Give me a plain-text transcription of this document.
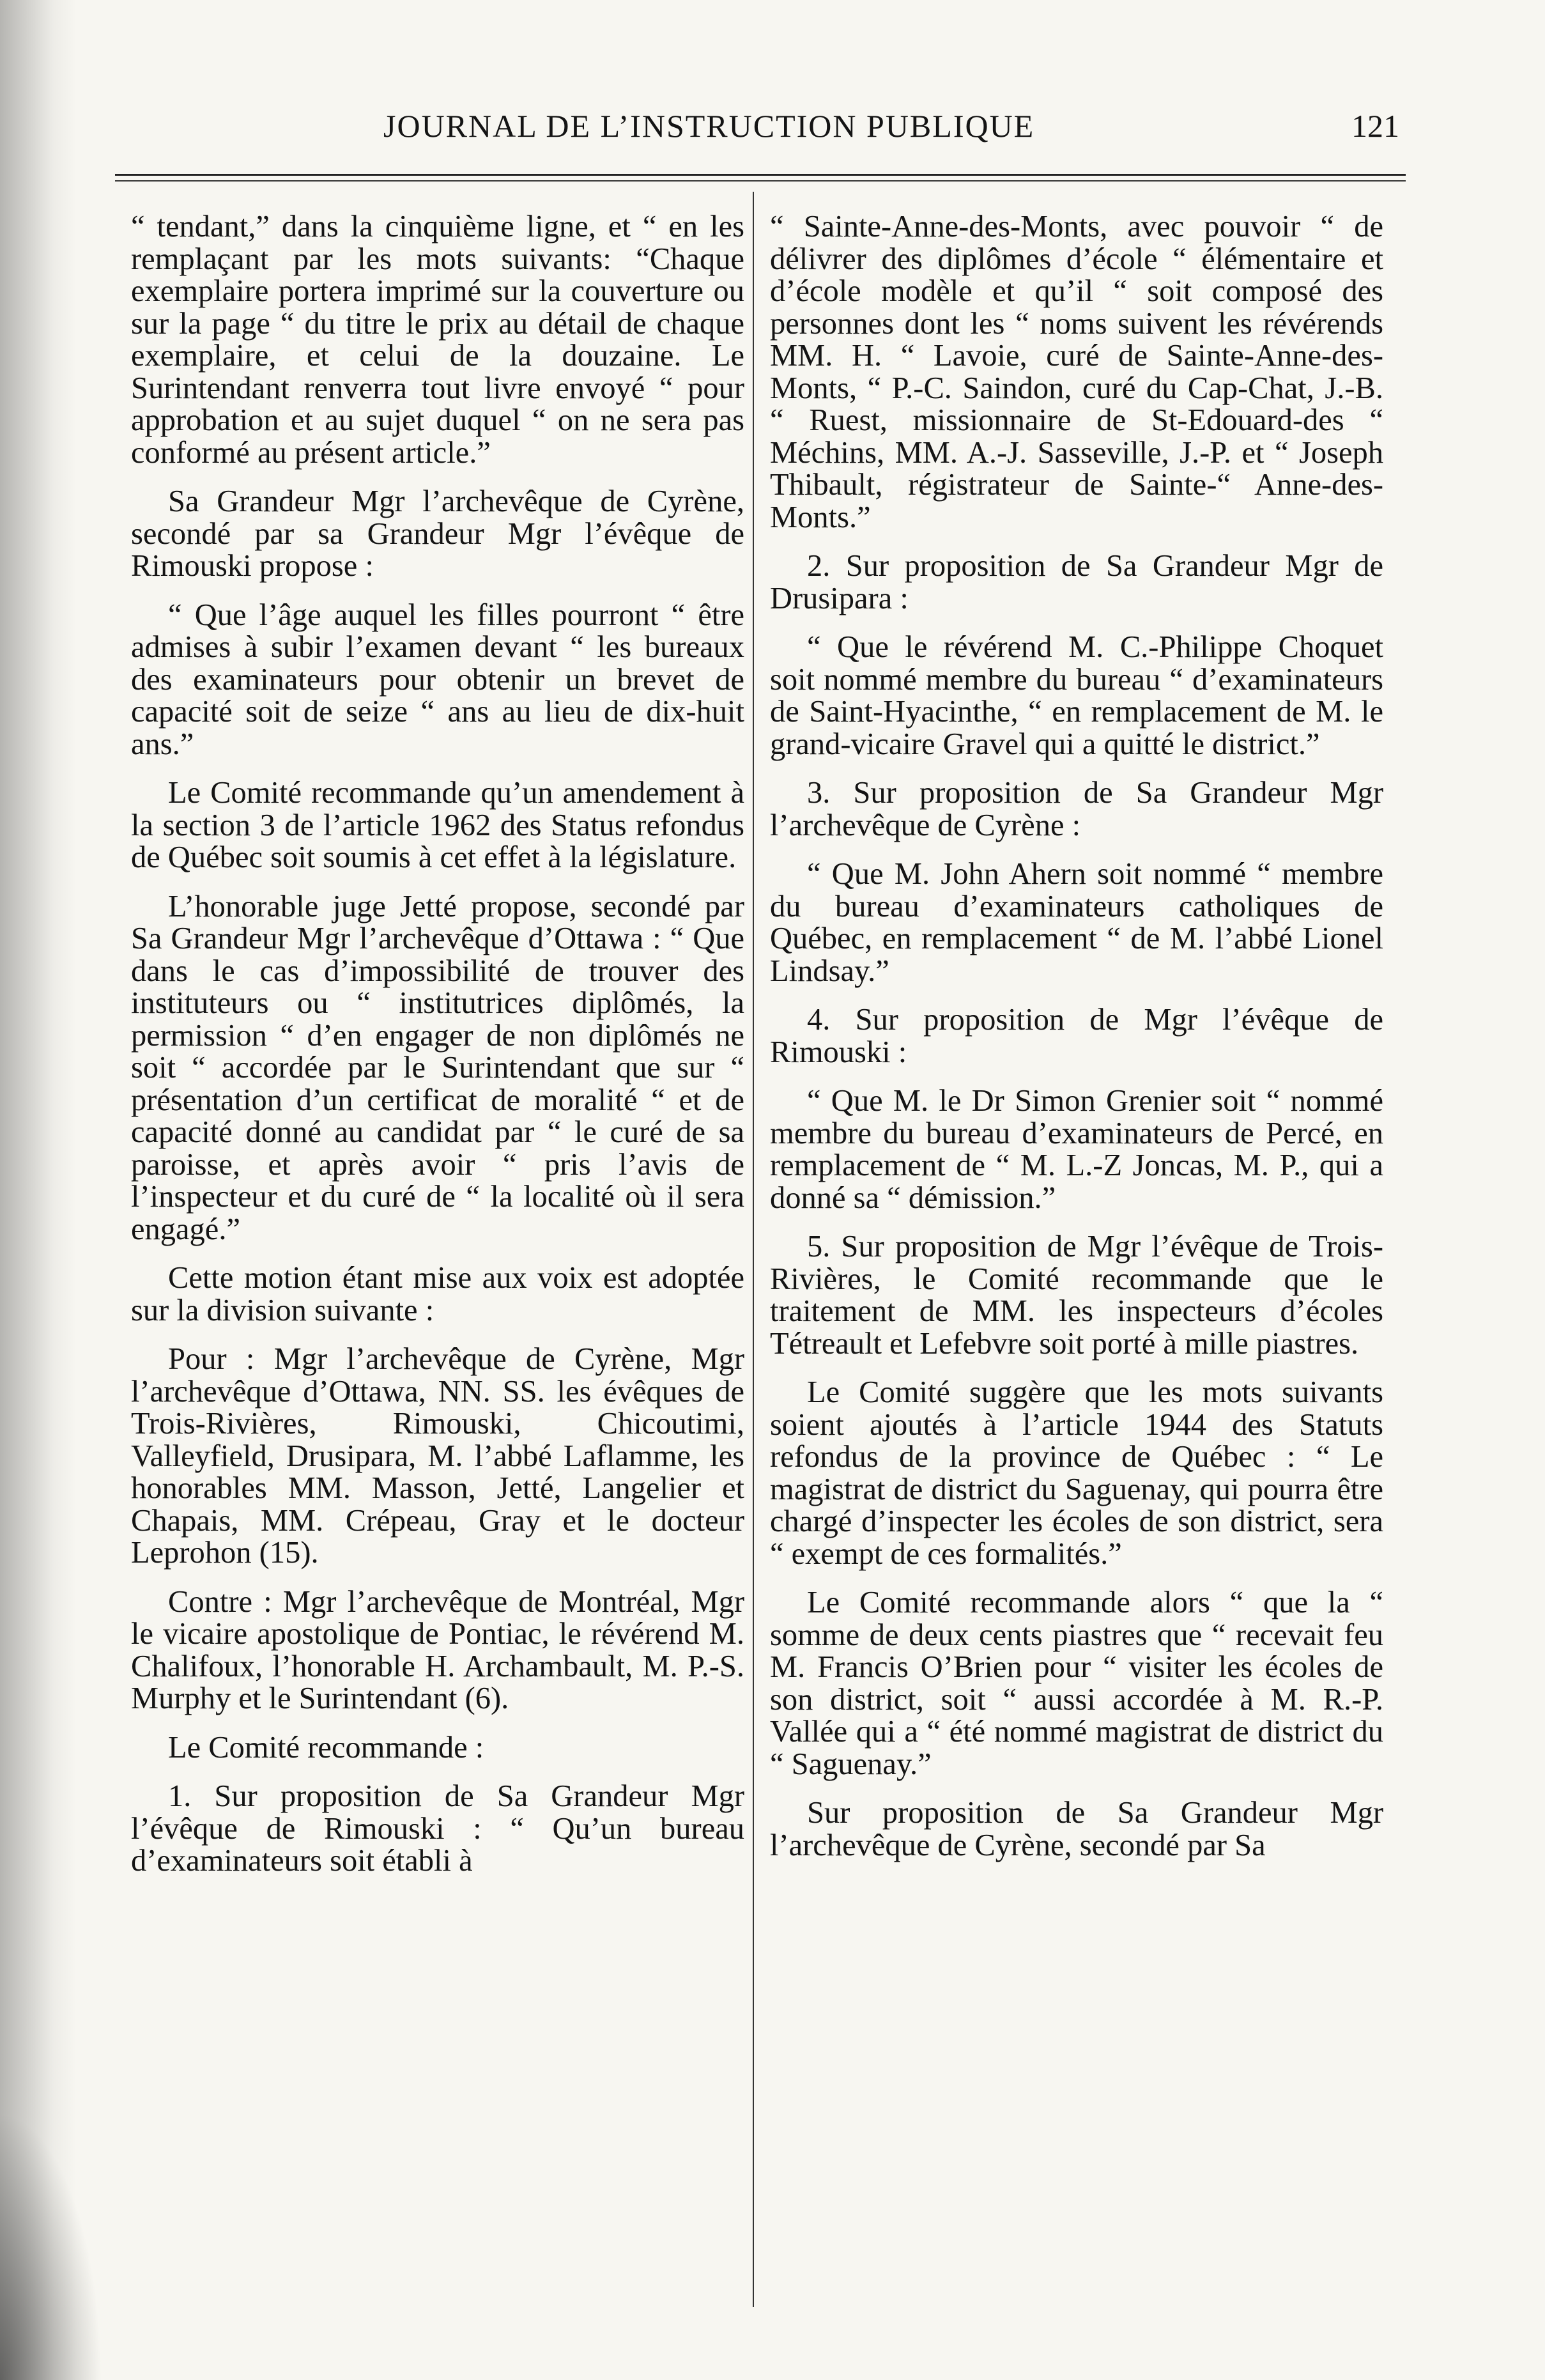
JOURNAL DE L’INSTRUCTION PUBLIQUE	121

“ tendant,” dans la cinquième ligne, et “ en les remplaçant par les mots suivants: “Chaque exemplaire portera imprimé sur la couverture ou sur la page “ du titre le prix au détail de chaque exemplaire, et celui de la douzaine. Le Surintendant renverra tout livre envoyé “ pour approbation et au sujet duquel “ on ne sera pas conformé au présent article.”

Sa Grandeur Mgr l’archevêque de Cyrène, secondé par sa Grandeur Mgr l’évêque de Rimouski propose :

“ Que l’âge auquel les filles pourront “ être admises à subir l’examen devant “ les bureaux des examinateurs pour obtenir un brevet de capacité soit de seize “ ans au lieu de dix-huit ans.”

Le Comité recommande qu’un amendement à la section 3 de l’article 1962 des Status refondus de Québec soit soumis à cet effet à la législature.

L’honorable juge Jetté propose, secondé par Sa Grandeur Mgr l’archevêque d’Ottawa : “ Que dans le cas d’impossibilité de trouver des instituteurs ou “ institutrices diplômés, la permission “ d’en engager de non diplômés ne soit “ accordée par le Surintendant que sur “ présentation d’un certificat de moralité “ et de capacité donné au candidat par “ le curé de sa paroisse, et après avoir “ pris l’avis de l’inspecteur et du curé de “ la localité où il sera engagé.”

Cette motion étant mise aux voix est adoptée sur la division suivante :

Pour : Mgr l’archevêque de Cyrène, Mgr l’archevêque d’Ottawa, NN. SS. les évêques de Trois-Rivières, Rimouski, Chicoutimi, Valleyfield, Drusipara, M. l’abbé Laflamme, les honorables MM. Masson, Jetté, Langelier et Chapais, MM. Crépeau, Gray et le docteur Leprohon (15).

Contre : Mgr l’archevêque de Montréal, Mgr le vicaire apostolique de Pontiac, le révérend M. Chalifoux, l’honorable H. Archambault, M. P.-S. Murphy et le Surintendant (6).

Le Comité recommande :

1. Sur proposition de Sa Grandeur Mgr l’évêque de Rimouski : “ Qu’un bureau d’examinateurs soit établi à

“ Sainte-Anne-des-Monts, avec pouvoir “ de délivrer des diplômes d’école “ élémentaire et d’école modèle et qu’il “ soit composé des personnes dont les “ noms suivent les révérends MM. H. “ Lavoie, curé de Sainte-Anne-des-Monts, “ P.-C. Saindon, curé du Cap-Chat, J.-B. “ Ruest, missionnaire de St-Edouard-des “ Méchins, MM. A.-J. Sasseville, J.-P. et “ Joseph Thibault, régistrateur de Sainte-“ Anne-des-Monts.”

2. Sur proposition de Sa Grandeur Mgr de Drusipara :

“ Que le révérend M. C.-Philippe Choquet soit nommé membre du bureau “ d’examinateurs de Saint-Hyacinthe, “ en remplacement de M. le grand-vicaire Gravel qui a quitté le district.”

3. Sur proposition de Sa Grandeur Mgr l’archevêque de Cyrène :

“ Que M. John Ahern soit nommé “ membre du bureau d’examinateurs catholiques de Québec, en remplacement “ de M. l’abbé Lionel Lindsay.”

4. Sur proposition de Mgr l’évêque de Rimouski :

“ Que M. le Dr Simon Grenier soit “ nommé membre du bureau d’examinateurs de Percé, en remplacement de “ M. L.-Z Joncas, M. P., qui a donné sa “ démission.”

5. Sur proposition de Mgr l’évêque de Trois-Rivières, le Comité recommande que le traitement de MM. les inspecteurs d’écoles Tétreault et Lefebvre soit porté à mille piastres.

Le Comité suggère que les mots suivants soient ajoutés à l’article 1944 des Statuts refondus de la province de Québec : “ Le magistrat de district du Saguenay, qui pourra être chargé d’inspecter les écoles de son district, sera “ exempt de ces formalités.”

Le Comité recommande alors “ que la “ somme de deux cents piastres que “ recevait feu M. Francis O’Brien pour “ visiter les écoles de son district, soit “ aussi accordée à M. R.-P. Vallée qui a “ été nommé magistrat de district du “ Saguenay.”

Sur proposition de Sa Grandeur Mgr l’archevêque de Cyrène, secondé par Sa
